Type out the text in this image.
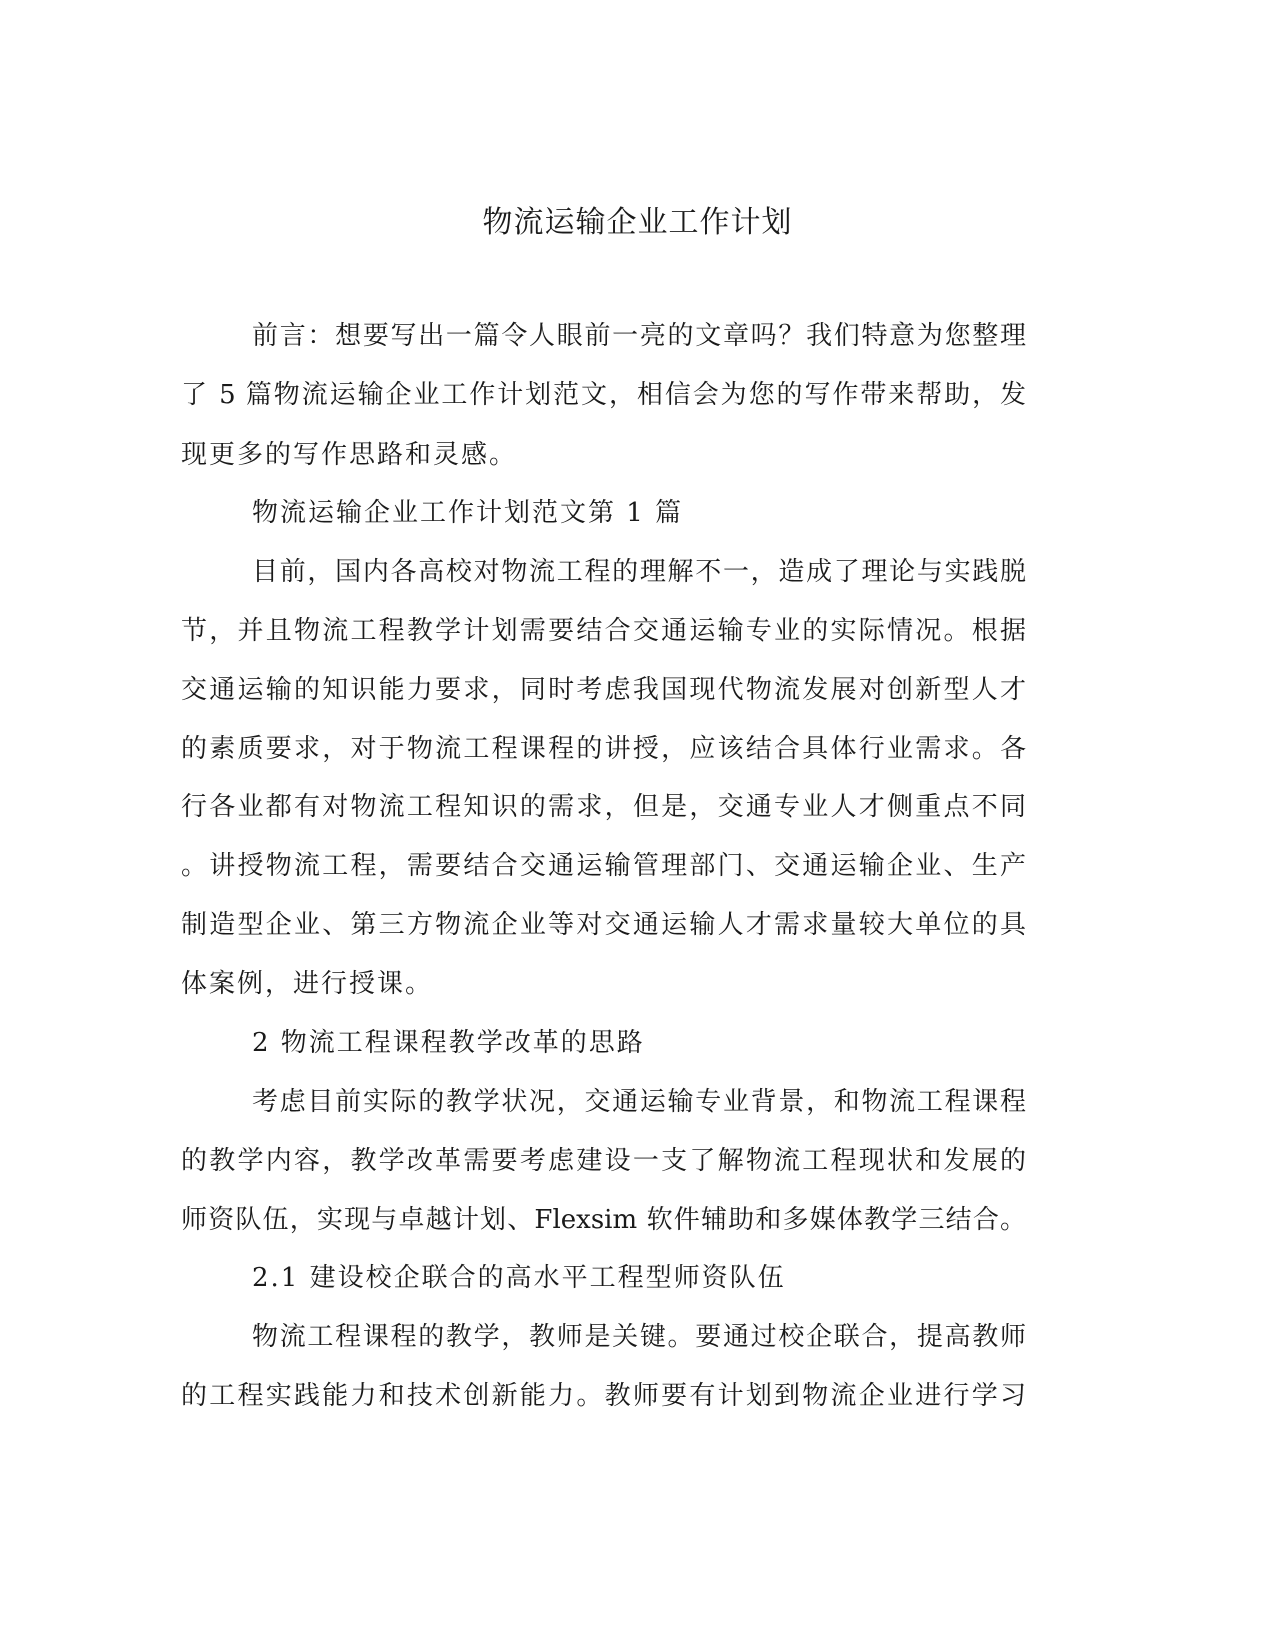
物流运输企业工作计划
前言：想要写出一篇令人眼前一亮的文章吗？我们特意为您整理
了 5 篇物流运输企业工作计划范文，相信会为您的写作带来帮助，发
现更多的写作思路和灵感。
物流运输企业工作计划范文第 1 篇
目前，国内各高校对物流工程的理解不一，造成了理论与实践脱
节，并且物流工程教学计划需要结合交通运输专业的实际情况。根据
交通运输的知识能力要求，同时考虑我国现代物流发展对创新型人才
的素质要求，对于物流工程课程的讲授，应该结合具体行业需求。各
行各业都有对物流工程知识的需求，但是，交通专业人才侧重点不同
。讲授物流工程，需要结合交通运输管理部门、交通运输企业、生产
制造型企业、第三方物流企业等对交通运输人才需求量较大单位的具
体案例，进行授课。
2 物流工程课程教学改革的思路
考虑目前实际的教学状况，交通运输专业背景，和物流工程课程
的教学内容，教学改革需要考虑建设一支了解物流工程现状和发展的
师资队伍，实现与卓越计划、Flexsim 软件辅助和多媒体教学三结合。
2.1 建设校企联合的高水平工程型师资队伍
物流工程课程的教学，教师是关键。要通过校企联合，提高教师
的工程实践能力和技术创新能力。教师要有计划到物流企业进行学习
